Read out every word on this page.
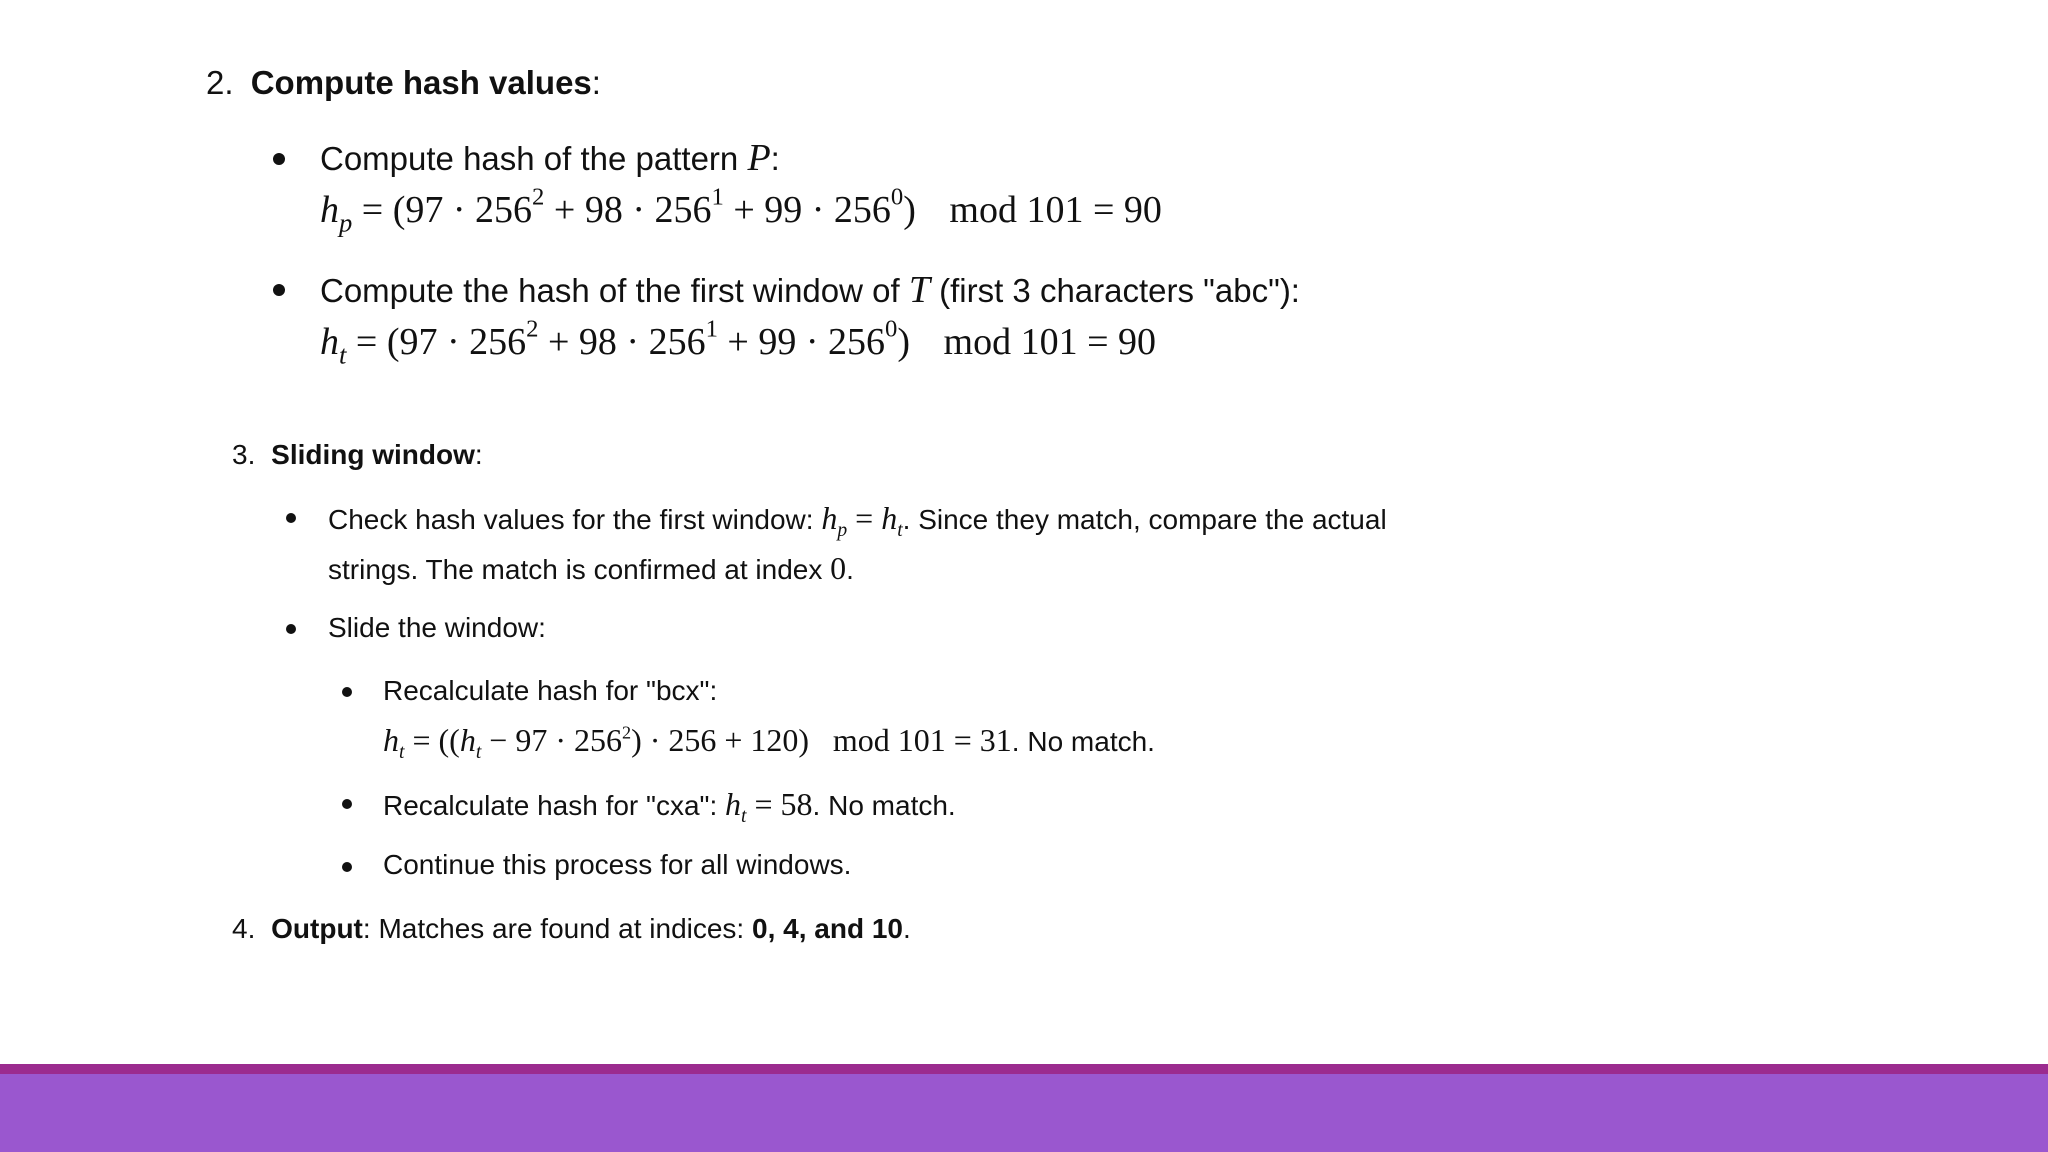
2. Compute hash values:
Compute hash of the pattern P:
$h_p = (97 \cdot 256^2 + 98 \cdot 256^1 + 99 \cdot 256^0)$ mod 101 = 90
Compute the hash of the first window of T (first 3 characters "abc"):
$h_t = (97 \cdot 256^2 + 98 \cdot 256^1 + 99 \cdot 256^0)$ mod 101 = 90
3. Sliding window:
Check hash values for the first window: $h_p = h_t$. Since they match, compare the actual
strings. The match is confirmed at index 0.
Slide the window:
Recalculate hash for "bcx":
$h_t = ((h_t - 97 \cdot 256^2) \cdot 256 + 120)$ mod 101 = 31. No match.
Recalculate hash for "cxa": $h_t = 58$. No match.
Continue this process for all windows.
4. Output: Matches are found at indices: 0, 4, and 10.
